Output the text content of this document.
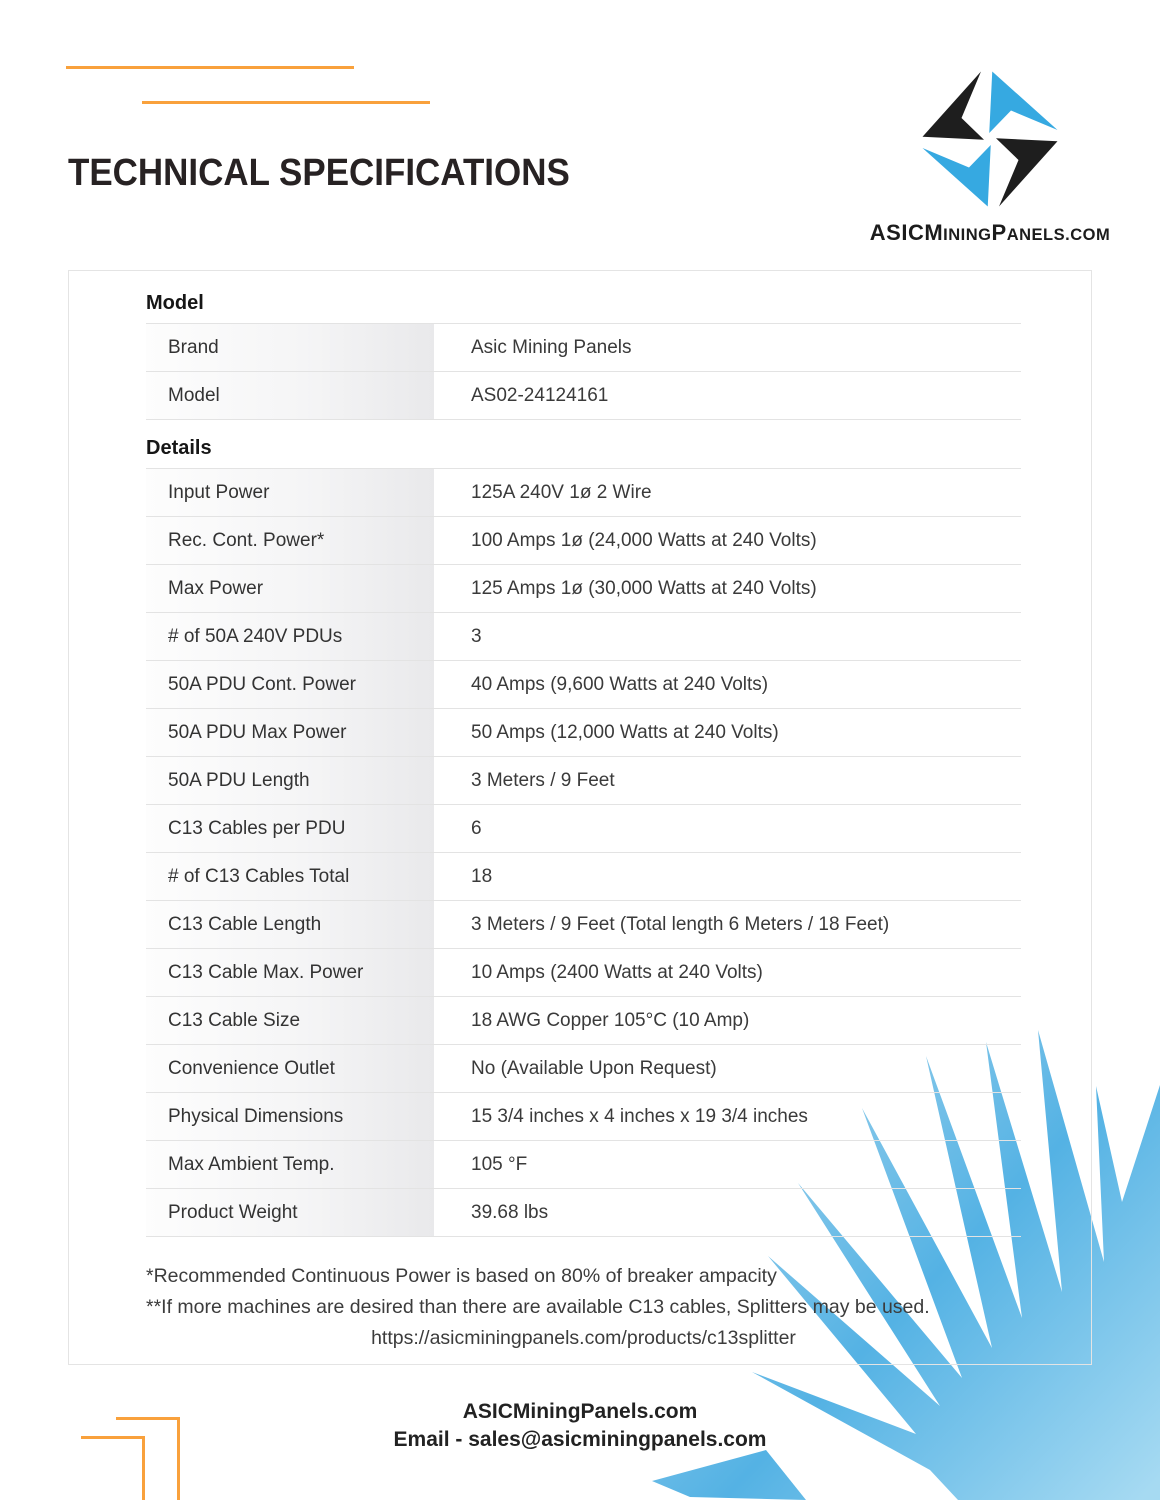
TECHNICAL SPECIFICATIONS
ASICMININGPANELS.COM
Model
Brand	Asic Mining Panels
Model	AS02-24124161
Details
Input Power	125A 240V 1ø 2 Wire
Rec. Cont. Power*	100 Amps 1ø (24,000 Watts at 240 Volts)
Max Power	125 Amps 1ø (30,000 Watts at 240 Volts)
# of 50A 240V PDUs	3
50A PDU Cont. Power	40 Amps (9,600 Watts at 240 Volts)
50A PDU Max Power	50 Amps (12,000 Watts at 240 Volts)
50A PDU Length	3 Meters / 9 Feet
C13 Cables per PDU	6
# of C13 Cables Total	18
C13 Cable Length	3 Meters / 9 Feet (Total length 6 Meters / 18 Feet)
C13 Cable Max. Power	10 Amps (2400 Watts at 240 Volts)
C13 Cable Size	18 AWG Copper 105°C (10 Amp)
Convenience Outlet	No (Available Upon Request)
Physical Dimensions	15 3/4 inches x 4 inches x 19 3/4 inches
Max Ambient Temp.	105 °F
Product Weight	39.68 lbs
*Recommended Continuous Power is based on 80% of breaker ampacity
**If more machines are desired than there are available C13 cables, Splitters may be used.
https://asicminingpanels.com/products/c13splitter
ASICMiningPanels.com
Email - sales@asicminingpanels.com
